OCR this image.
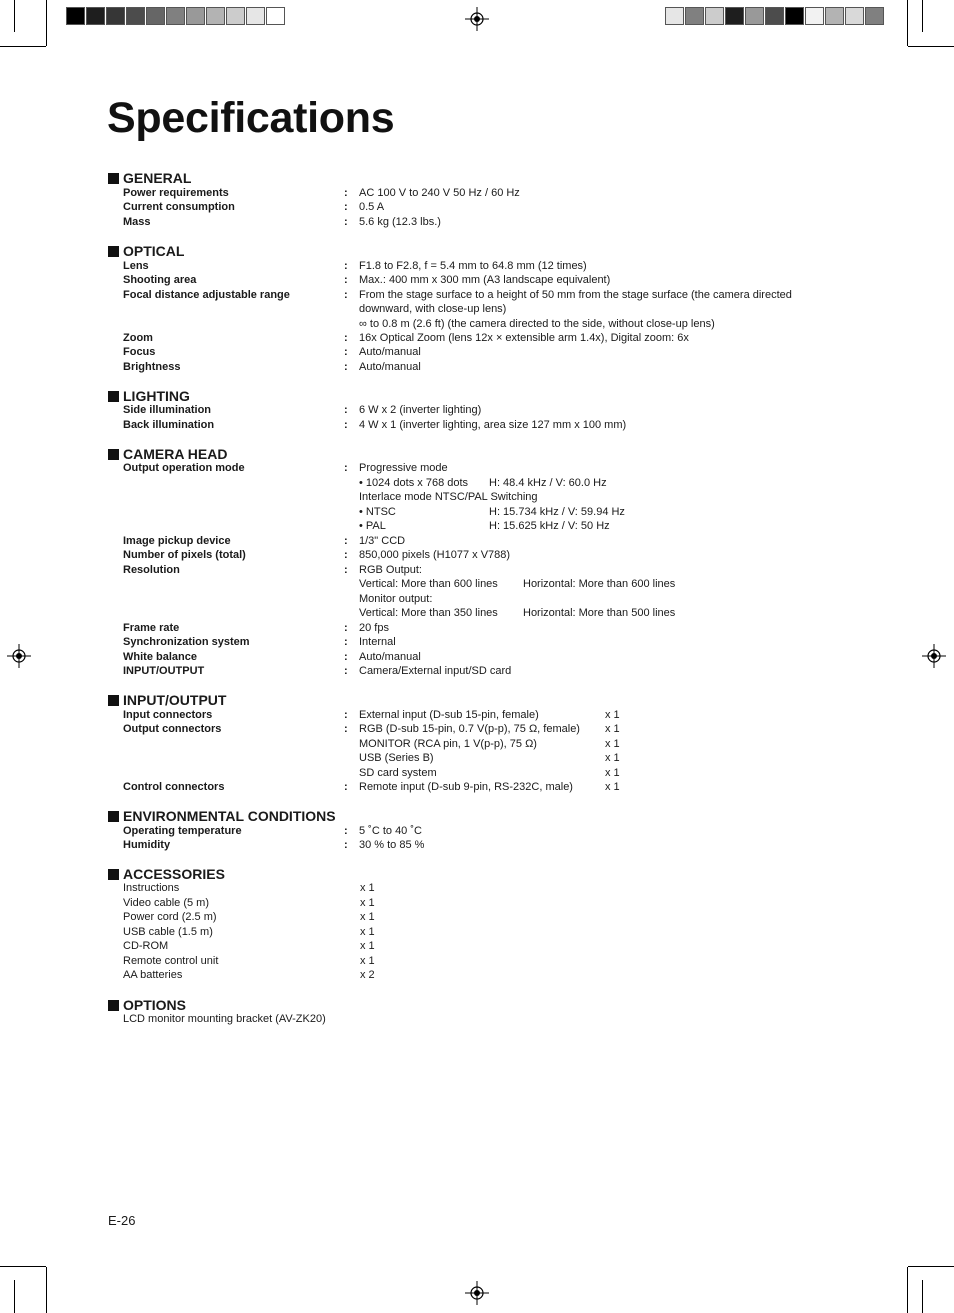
Specifications
GENERAL
Power requirements	: AC 100 V to 240 V 50 Hz / 60 Hz
Current consumption	: 0.5 A
Mass	: 5.6 kg (12.3 lbs.)
OPTICAL
Lens	: F1.8 to F2.8, f = 5.4 mm to 64.8 mm (12 times)
Shooting area	: Max.: 400 mm x 300 mm (A3 landscape equivalent)
Focal distance adjustable range	: From the stage surface to a height of 50 mm from the stage surface (the camera directed
downward, with close-up lens)
∞ to 0.8 m (2.6 ft) (the camera directed to the side, without close-up lens)
Zoom	: 16x Optical Zoom (lens 12x × extensible arm 1.4x), Digital zoom: 6x
Focus	: Auto/manual
Brightness	: Auto/manual
LIGHTING
Side illumination	: 6 W x 2 (inverter lighting)
Back illumination	: 4 W x 1 (inverter lighting, area size 127 mm x 100 mm)
CAMERA HEAD
Output operation mode	: Progressive mode
• 1024 dots x 768 dots H: 48.4 kHz / V: 60.0 Hz
Interlace mode NTSC/PAL Switching
• NTSC	H: 15.734 kHz / V: 59.94 Hz
• PAL	H: 15.625 kHz / V: 50 Hz
Image pickup device	: 1/3" CCD
Number of pixels (total)	: 850,000 pixels (H1077 x V788)
Resolution	: RGB Output:
Vertical: More than 600 lines Horizontal: More than 600 lines
Monitor output:
Vertical: More than 350 lines Horizontal: More than 500 lines
Frame rate	: 20 fps
Synchronization system	: Internal
White balance	: Auto/manual
INPUT/OUTPUT	: Camera/External input/SD card
INPUT/OUTPUT
Input connectors	: External input (D-sub 15-pin, female)	x 1
Output connectors	: RGB (D-sub 15-pin, 0.7 V(p-p), 75 Ω, female) x 1
MONITOR (RCA pin, 1 V(p-p), 75 Ω)	x 1
USB (Series B)	x 1
SD card system	x 1
Control connectors	: Remote input (D-sub 9-pin, RS-232C, male)	x 1
ENVIRONMENTAL CONDITIONS
Operating temperature	: 5 ˚C to 40 ˚C
Humidity	: 30 % to 85 %
ACCESSORIES
Instructions	x 1
Video cable (5 m)	x 1
Power cord (2.5 m)	x 1
USB cable (1.5 m)	x 1
CD-ROM	x 1
Remote control unit	x 1
AA batteries	x 2
OPTIONS
LCD monitor mounting bracket (AV-ZK20)
E-26
